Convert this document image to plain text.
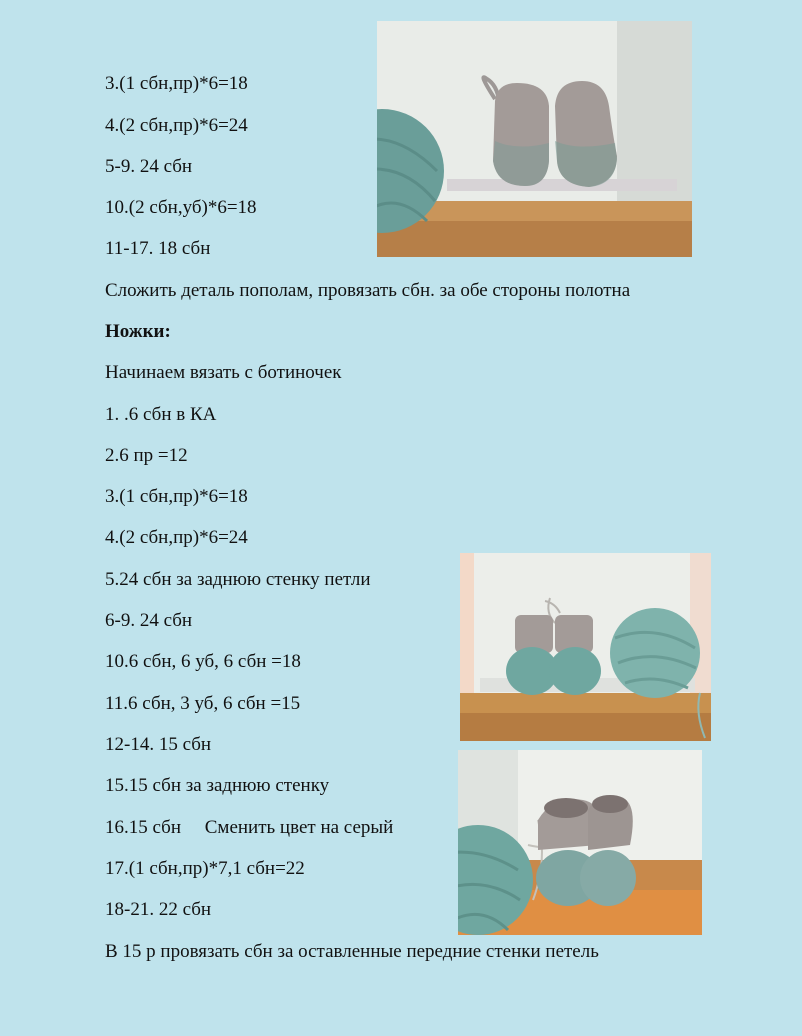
3.(1 сбн,пр)*6=18
4.(2 сбн,пр)*6=24
5-9. 24 сбн
10.(2 сбн,уб)*6=18
11-17. 18 сбн
Сложить деталь пополам, провязать сбн. за обе стороны полотна
Ножки:
Начинаем вязать с ботиночек
1. .6 сбн в КА
2.6 пр =12
3.(1 сбн,пр)*6=18
4.(2 сбн,пр)*6=24
5.24 сбн за заднюю стенку петли
6-9. 24 сбн
10.6 сбн, 6 уб, 6 сбн =18
11.6 сбн, 3 уб, 6 сбн =15
12-14. 15 сбн
15.15 сбн за заднюю стенку
16.15 сбн     Сменить цвет на серый
17.(1 сбн,пр)*7,1 сбн=22
18-21. 22 сбн
В 15 р провязать сбн за оставленные передние стенки петель
